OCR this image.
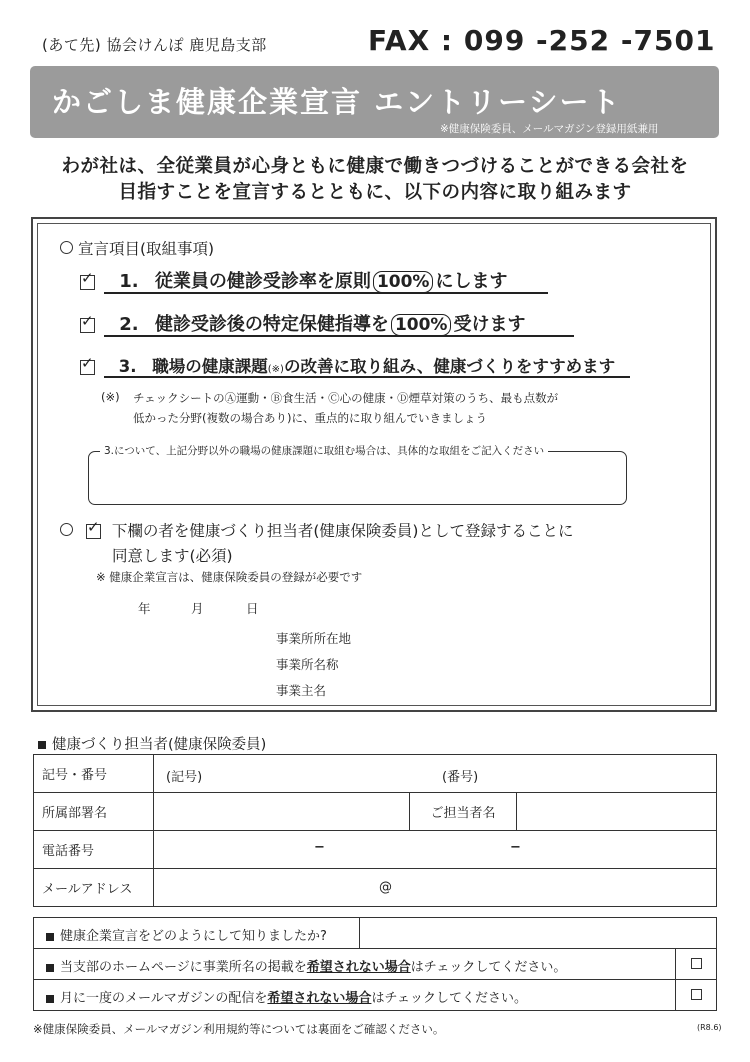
(あて先) 協会けんぽ 鹿児島支部	FAX : 099 -252 -7501
かごしま健康企業宣言 エントリーシート
※健康保険委員、メールマガジン登録用紙兼用
わが社は、全従業員が心身ともに健康で働きつづけることができる会社を
目指すことを宣言するとともに、以下の内容に取り組みます
宣言項目(取組事項)
✓ 1. 従業員の健診受診率を原則 100% にします
✓ 2. 健診受診後の特定保健指導を 100% 受けます
✓ 3. 職場の健康課題(※)の改善に取り組み、健康づくりをすすめます
(※) チェックシートのⒶ運動・Ⓑ食生活・Ⓒ心の健康・Ⓓ煙草対策のうち、最も点数が
低かった分野(複数の場合あり)に、重点的に取り組んでいきましょう
3.について、上記分野以外の職場の健康課題に取組む場合は、具体的な取組をご記入ください

✓ 下欄の者を健康づくり担当者(健康保険委員)として登録することに
同意します(必須)
※ 健康企業宣言は、健康保険委員の登録が必要です
年	月	日
事業所所在地
事業所名称
事業主名
健康づくり担当者(健康保険委員)
記号・番号	(記号) (番号)		

所属部署名		ご担当者名	
電話番号	− −		

メールアドレス	@		
健康企業宣言をどのようにして知りましたか?
当支部のホームページに事業所名の掲載を希望されない場合はチェックしてください。
月に一度のメールマガジンの配信を希望されない場合はチェックしてください。
※健康保険委員、メールマガジン利用規約等については裏面をご確認ください。	(R8.6)
